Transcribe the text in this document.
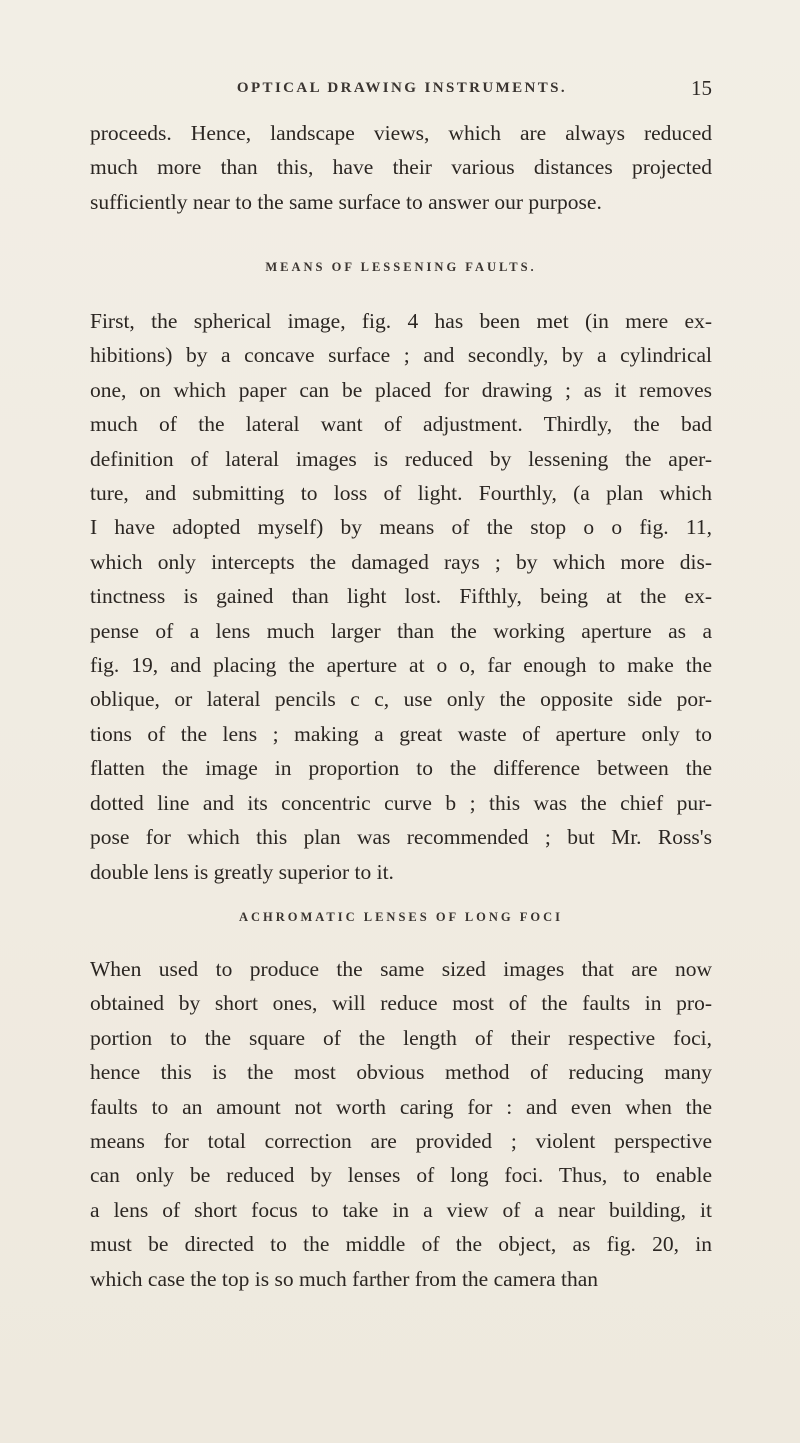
OPTICAL DRAWING INSTRUMENTS.	15

proceeds. Hence, landscape views, which are always reduced
much more than this, have their various distances projected
sufficiently near to the same surface to answer our purpose.

MEANS OF LESSENING FAULTS.

First, the spherical image, fig. 4 has been met (in mere ex-
hibitions) by a concave surface ; and secondly, by a cylindrical
one, on which paper can be placed for drawing ; as it removes
much of the lateral want of adjustment. Thirdly, the bad
definition of lateral images is reduced by lessening the aper-
ture, and submitting to loss of light. Fourthly, (a plan which
I have adopted myself) by means of the stop o o fig. 11,
which only intercepts the damaged rays ; by which more dis-
tinctness is gained than light lost. Fifthly, being at the ex-
pense of a lens much larger than the working aperture as a
fig. 19, and placing the aperture at o o, far enough to make the
oblique, or lateral pencils c c, use only the opposite side por-
tions of the lens ; making a great waste of aperture only to
flatten the image in proportion to the difference between the
dotted line and its concentric curve b ; this was the chief pur-
pose for which this plan was recommended ; but Mr. Ross's
double lens is greatly superior to it.

ACHROMATIC LENSES OF LONG FOCI

When used to produce the same sized images that are now
obtained by short ones, will reduce most of the faults in pro-
portion to the square of the length of their respective foci,
hence this is the most obvious method of reducing many
faults to an amount not worth caring for : and even when the
means for total correction are provided ; violent perspective
can only be reduced by lenses of long foci. Thus, to enable
a lens of short focus to take in a view of a near building, it
must be directed to the middle of the object, as fig. 20, in
which case the top is so much farther from the camera than
